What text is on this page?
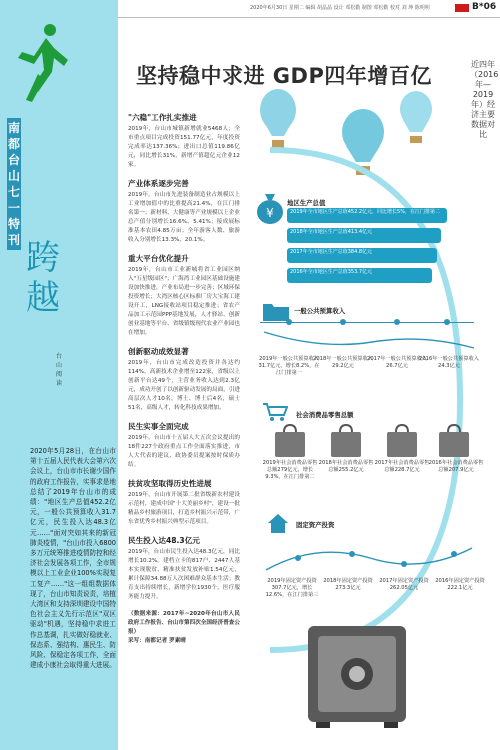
2020年6月30日 星期二 编辑 胡晶晶 设计 邓松勤 制图 邓松勤 校对 刘 坤 陈明明	B*06
南都台山七一特刊 跨越
台山阅读
2020年5月28日，在台山市第十五届人民代表大会第六次会议上，台山市市长谢少国作的政府工作报告，实事求是地总结了2019年台山市的成绩："地区生产总值452.2亿元，一般公共预算收入31.7亿元，民生投入达48.3亿元……"面对突如其来的新冠肺炎疫情，"台山市投入6800多万元统筹推进疫情防控和经济社会发展各项工作，全市规模以上工业企业100%实现复工复产……"这一组组数据体现了，台山市知责说责，培植大湾区和支持深圳建设中国特色社会主义先行示范区"双区驱动"机遇，坚持稳中求进工作总基调，扎实做好稳就业、保态系、强结构、惠民生、防风险、保稳定各项工作，全面建成小康社会取得重大进展。
坚持稳中求进 GDP四年增百亿	近四年（2016年—2019年）经济主要数据对比
"六稳"工作扎实推进

2019年，台山市城镇新增就业5468人；全市重点项目完成投资151.77亿元，年度投资完成率达137.36%；进出口总值119.86亿元，同比增长31%，新增产值超亿元企业12家。

产业体系逐步完善

2019年，台山市先进装备制造业占规模以上工业增加值中的比重提高21.4%，在江门排名第一；新材料、大健康等产业规模以上企业总产值分别增长16.6%、5.41%；接成展标准基本农田4.85万亩；全年游客人数、旅游收入分别增长13.3%、20.1%。

重大平台优化提升

2019年，台山市工业新城将省工业园区纳入"五星级园区"；广海湾工业园区基础设施建设加快推进，产业布局进一步完善；区域环保投资增长；大湾区核心区标准厂房大宝海工建设开工，LNG接收站项目稳定推进；省农产品加工示范园PPP基地发展，人才驿站、创新创业基地等平台、省级镇级现代农业产业园也在增加。

创新驱动成效显著

2019年，台山市完成改造投资并各达约114%，高新技术企业增至122家，省级以上创新平台达49个，主营业务收入达到2.3亿元，成功开创了以创新驱动发展的局面，引进高层次人才10名，博士、博士后4名，硕士51名，高级人才，转化科技成果增加。

民生实事全面完成

2019年，台山市十五届人大五次会议提出的18件227个政府重点工作全面落实推进，市人大代表的建议、政协委员提案按时保质办结。

扶贫攻坚取得历史性进展

2019年，台山市开展第二批省级新农村建设示范村，建成中国"十大美丽乡村"，建设一批精品乡村旅游项目，打造乡村振兴示范带，广东省优秀乡村振兴典型示范项目。

民生投入达48.3亿元

2019年，台山市民生投入达48.3亿元，同比增长10.2%。建档立卡的817户、2447人基本实现脱贫，精准扶贫发放补贴1.54亿元，累计保障34.88万人次困难群众基本生活；教育支出持续增长，新增学位1930个，医疗服务能力提升。

（数据来源：2017年~2020年台山市人民政府工作报告、台山市第四次全国经济普查公报）

采写：南都记者 罗素晴

¥
地区生产总值
2019年全市地区生产总值452.2亿元，同比增长5%，在江门排第二
2018年全市地区生产总值413.4亿元
2017年全市地区生产总值384.8亿元
2016年全市地区生产总值353.7亿元
一般公共预算收入
2019年一般公共预算收入31.7亿元，增长8.2%，在江门排第一
2018年一般公共预算收入29.2亿元
2017年一般公共预算收入26.7亿元
2016年一般公共预算收入24.3亿元
社会消费品零售总额
2019年社会消费品零售总额279亿元，增长9.3%，在江门排第二
2018年社会消费品零售总额255.2亿元
2017年社会消费品零售总额228.7亿元
2016年社会消费品零售总额207.9亿元
固定资产投资
2019年固定资产投资307.7亿元，增长12.6%，在江门排第三
2018年固定资产投资273.3亿元
2017年固定资产投资262.05亿元
2016年固定资产投资222.1亿元
